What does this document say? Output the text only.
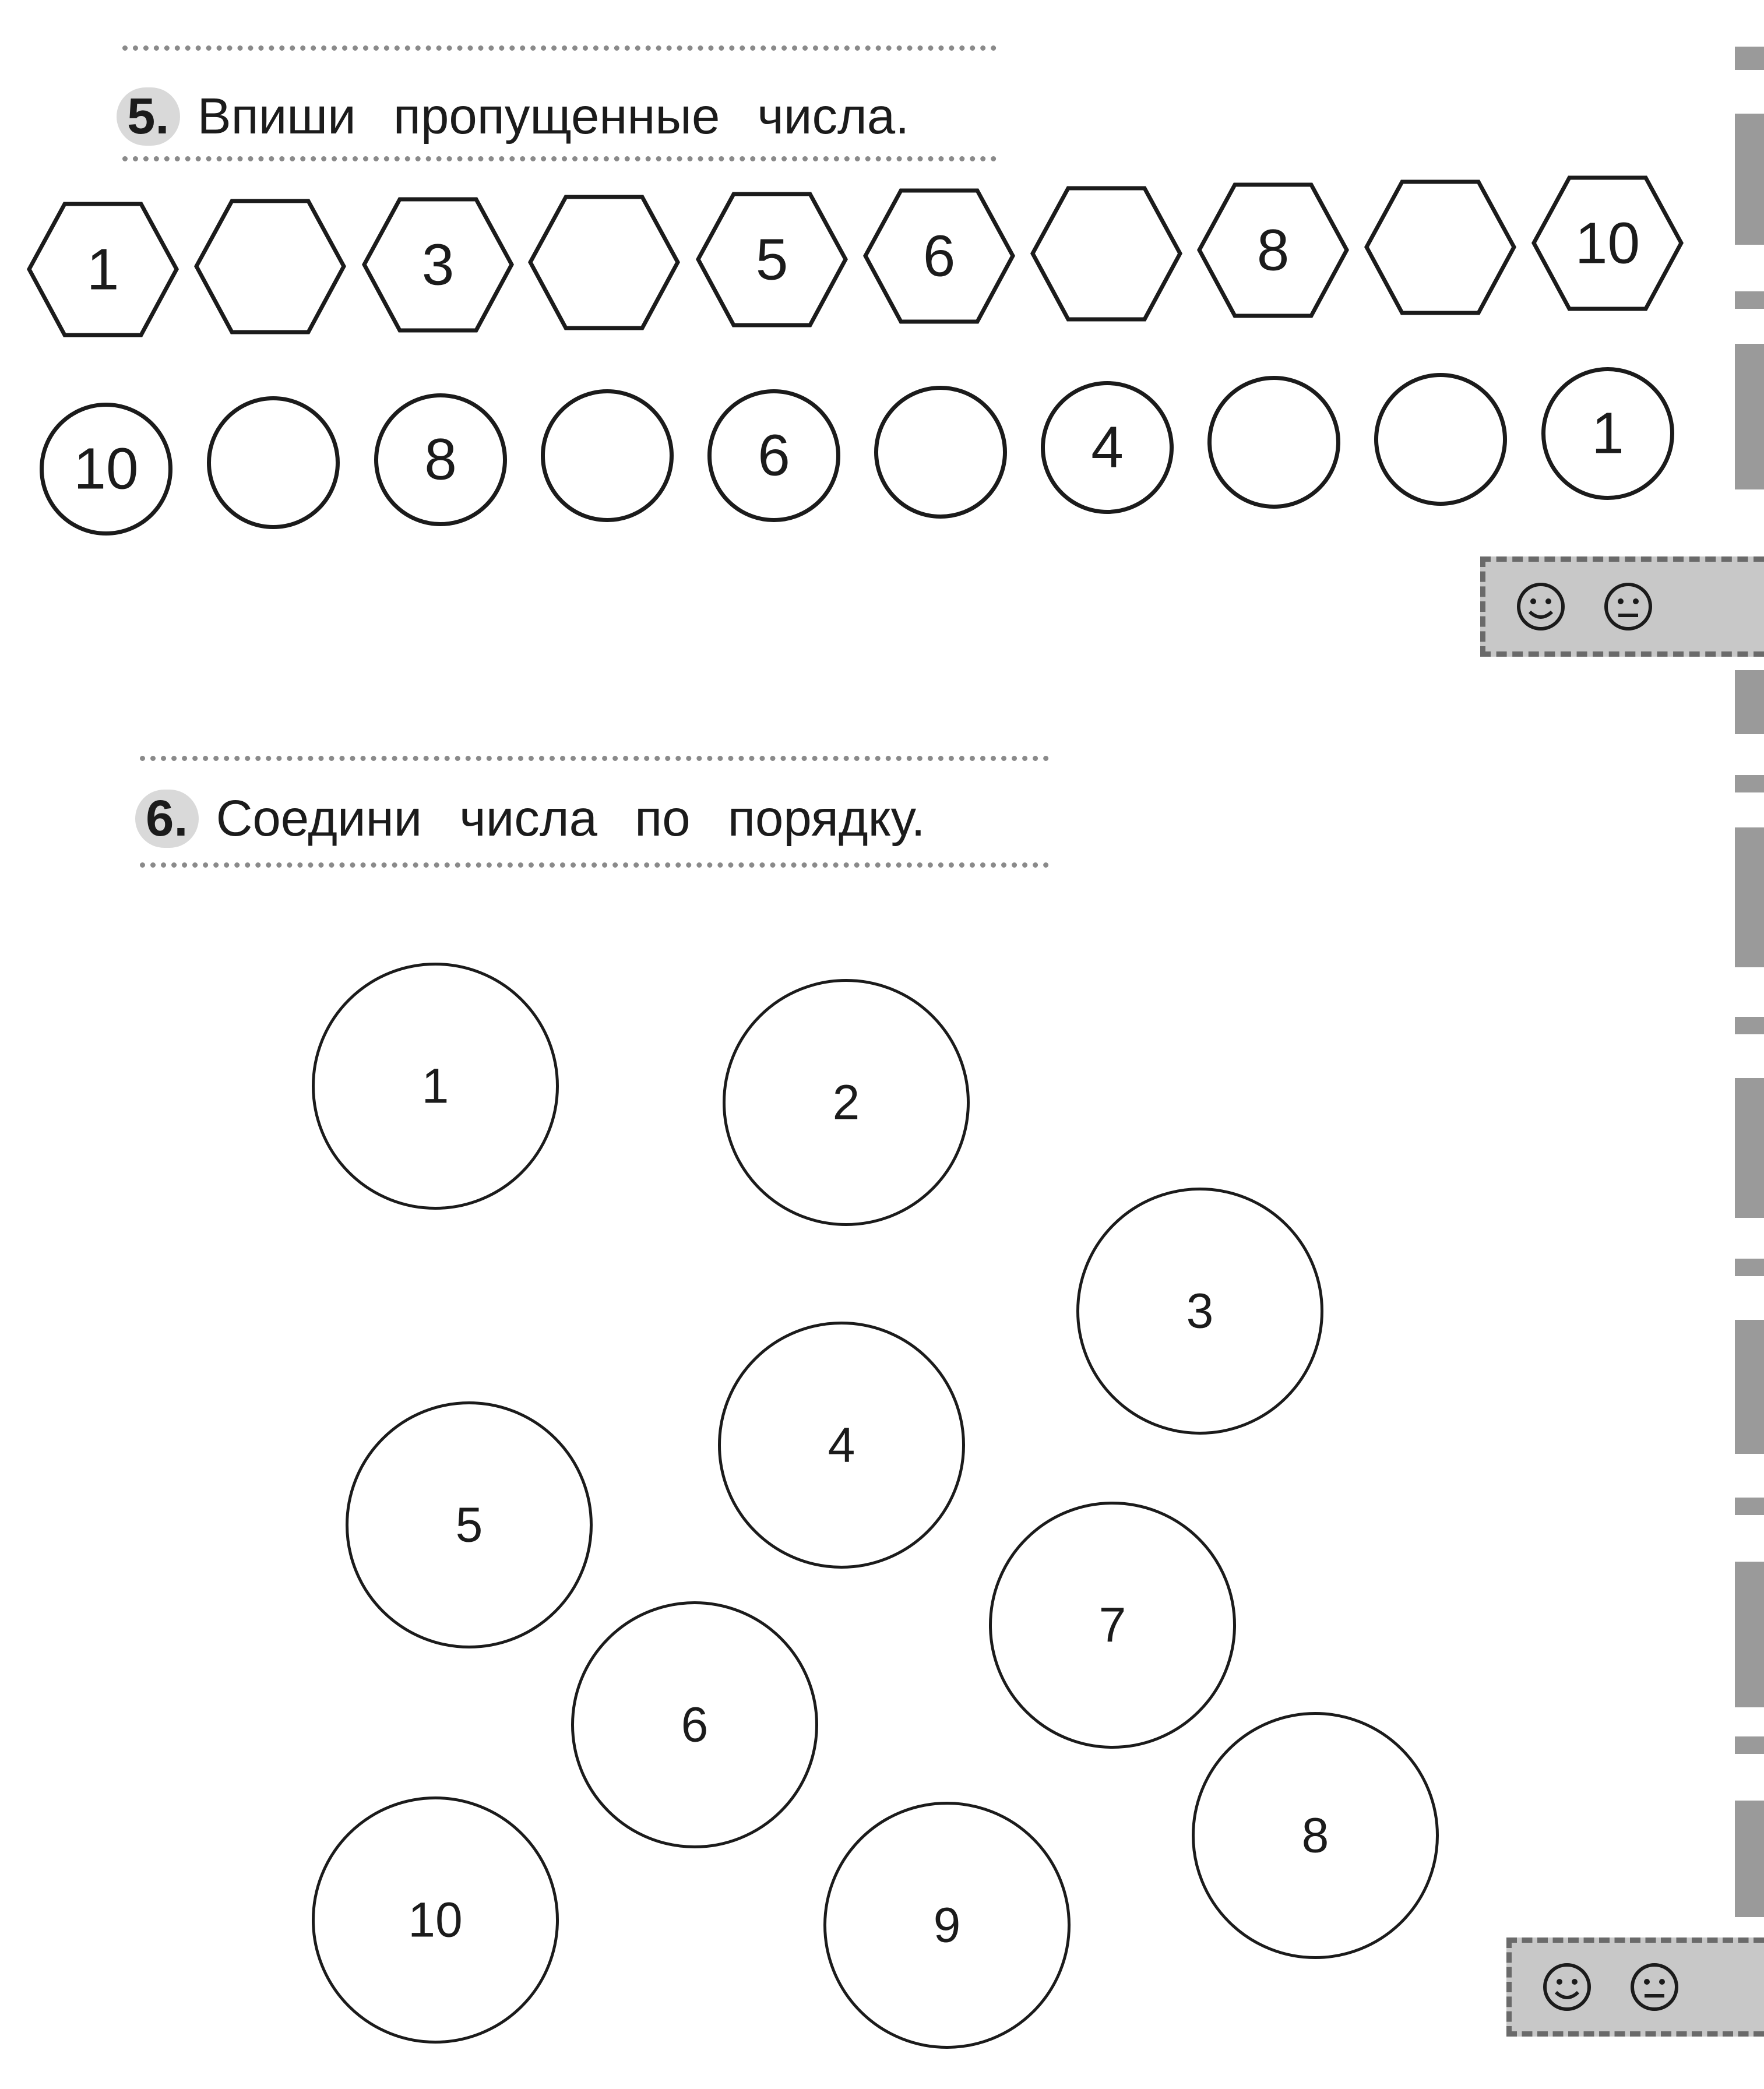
5. Впиши пропущенные числа.
1	3	5	6	8	10
10	8	6	4	1
6. Соедини числа по порядку.
1	2
3
4
5
6
7
8
9
10
